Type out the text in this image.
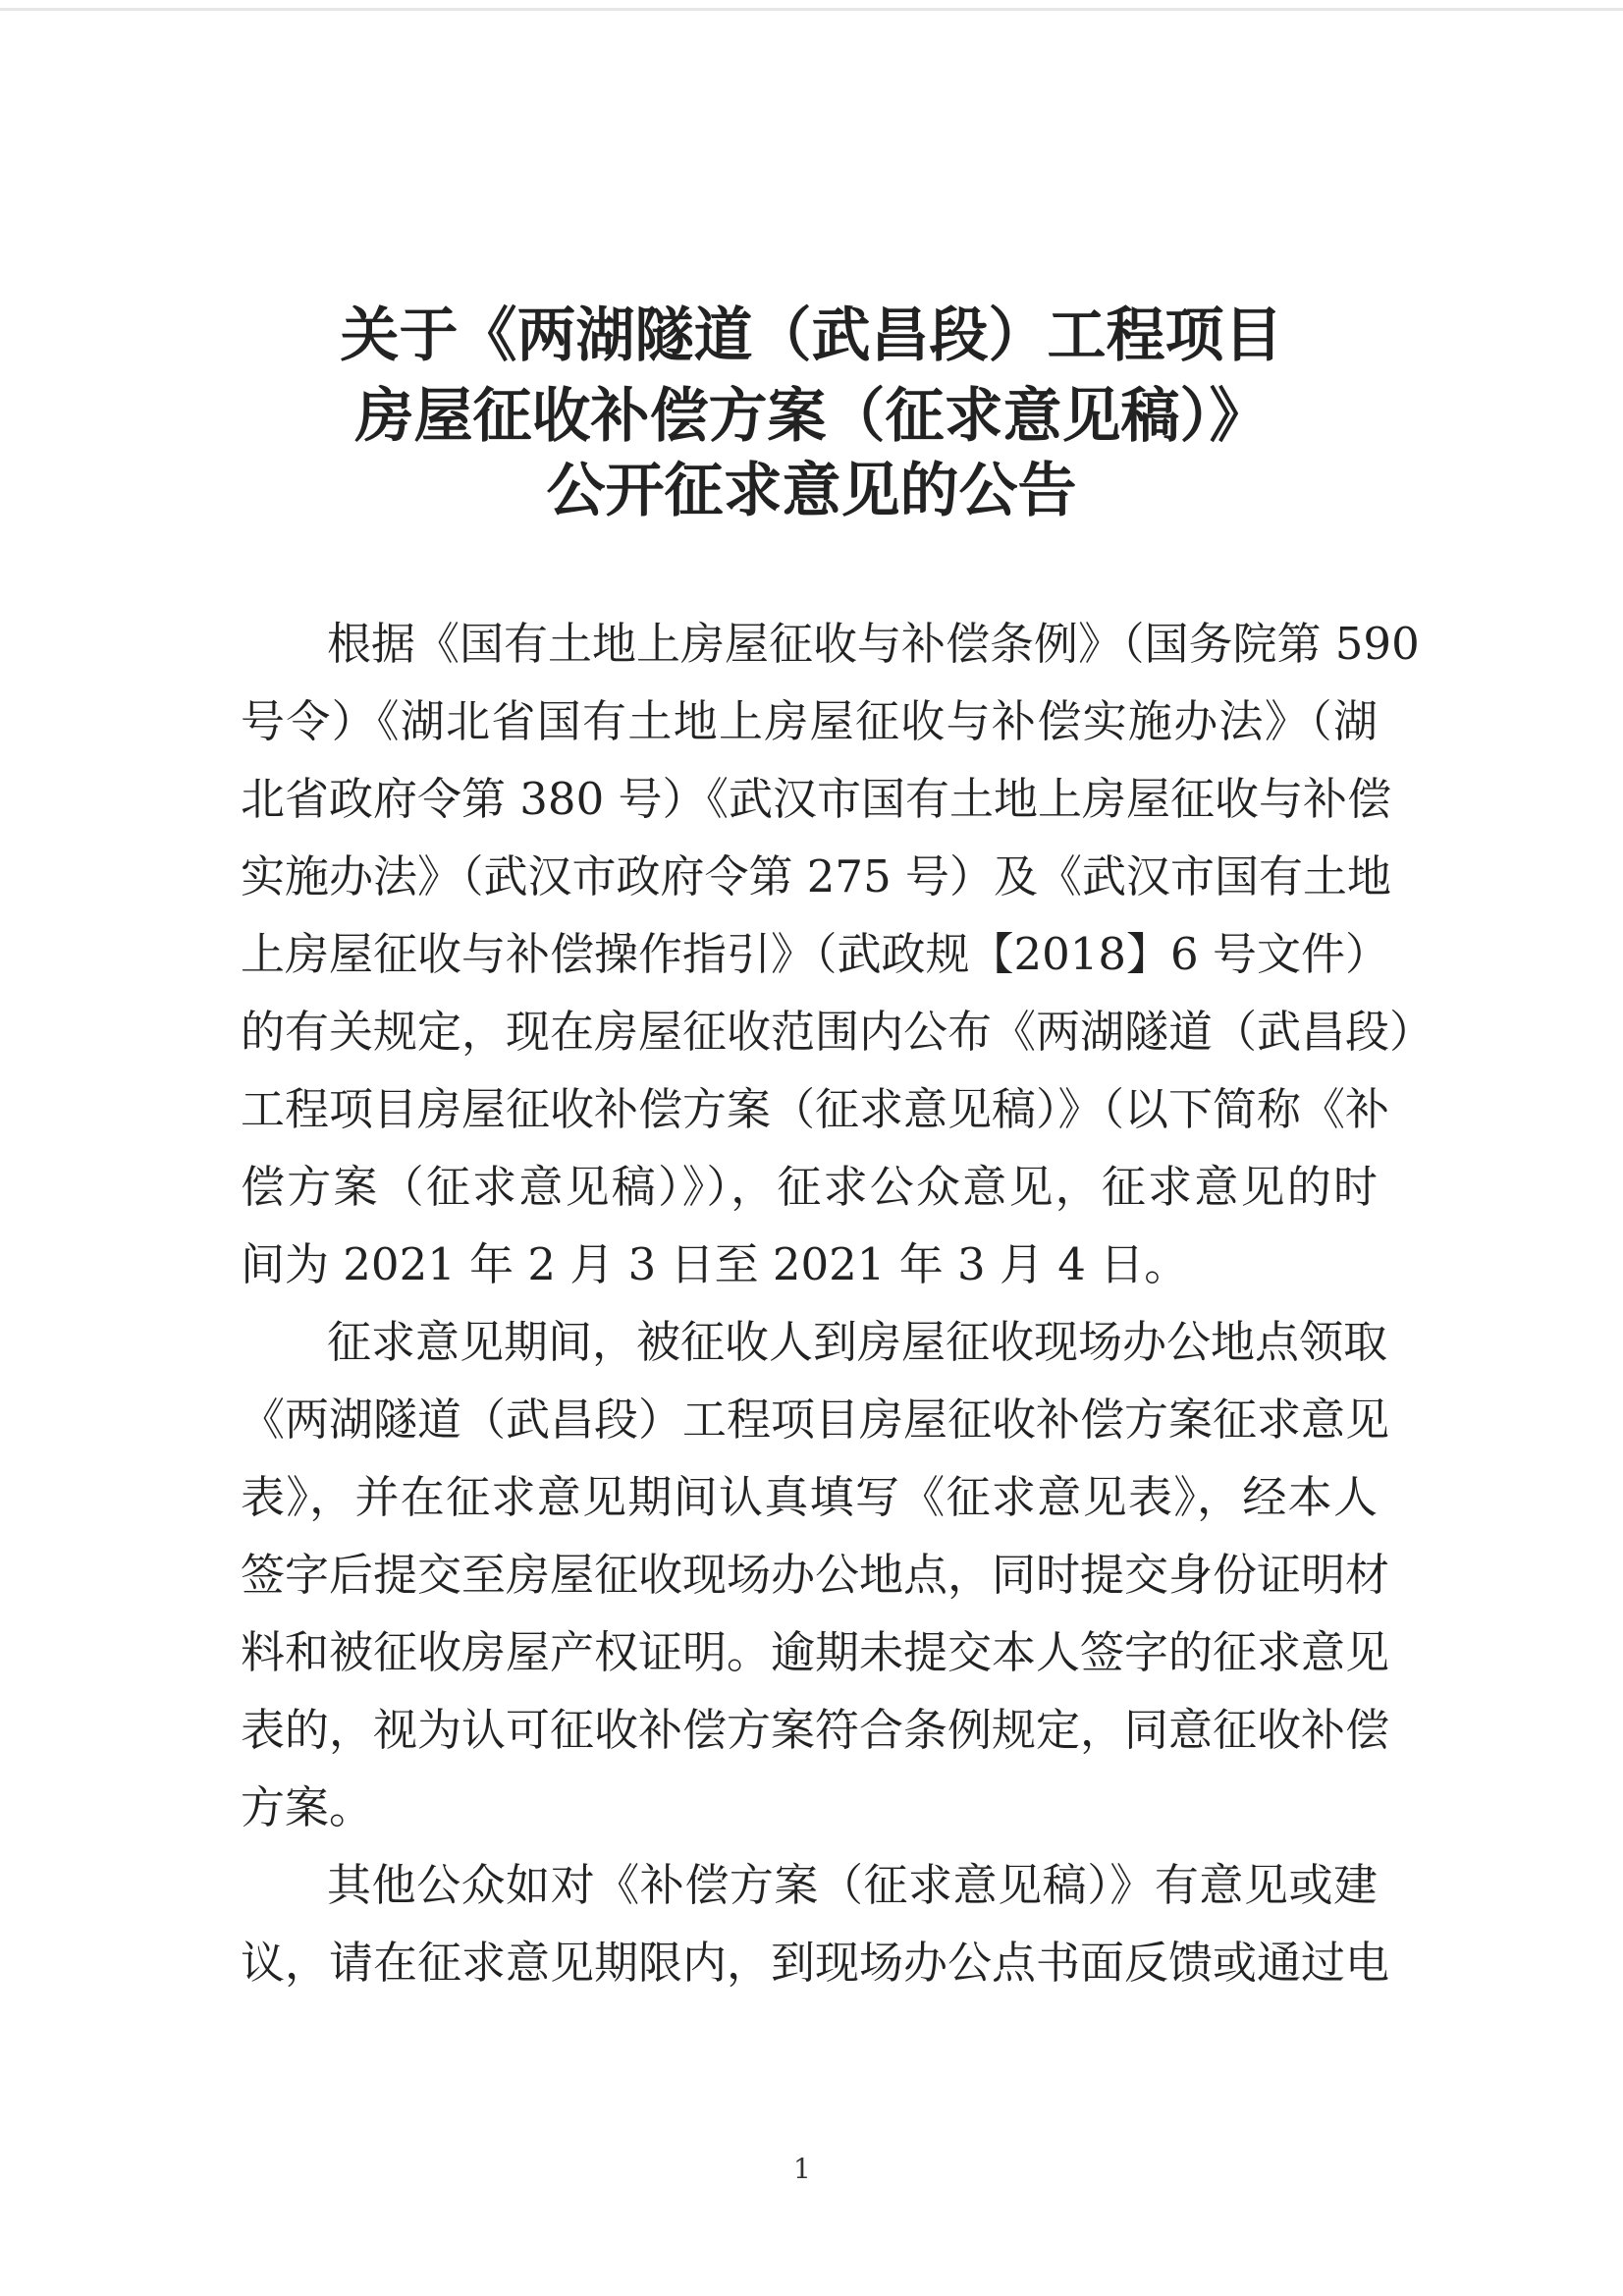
关于《两湖隧道（武昌段）工程项目
房屋征收补偿方案（征求意见稿）》
公开征求意见的公告
根据《国有土地上房屋征收与补偿条例》（国务院第 590
号令）《湖北省国有土地上房屋征收与补偿实施办法》（湖
北省政府令第 380 号）《武汉市国有土地上房屋征收与补偿
实施办法》（武汉市政府令第 275 号）及《武汉市国有土地
上房屋征收与补偿操作指引》（武政规【2018】6 号文件）
的有关规定，现在房屋征收范围内公布《两湖隧道（武昌段）
工程项目房屋征收补偿方案（征求意见稿）》（以下简称《补
偿方案（征求意见稿）》），征求公众意见，征求意见的时
间为 2021 年 2 月 3 日至 2021 年 3 月 4 日。
征求意见期间，被征收人到房屋征收现场办公地点领取
《两湖隧道（武昌段）工程项目房屋征收补偿方案征求意见
表》，并在征求意见期间认真填写《征求意见表》，经本人
签字后提交至房屋征收现场办公地点，同时提交身份证明材
料和被征收房屋产权证明。逾期未提交本人签字的征求意见
表的，视为认可征收补偿方案符合条例规定，同意征收补偿
方案。
其他公众如对《补偿方案（征求意见稿）》有意见或建
议，请在征求意见期限内，到现场办公点书面反馈或通过电
1
